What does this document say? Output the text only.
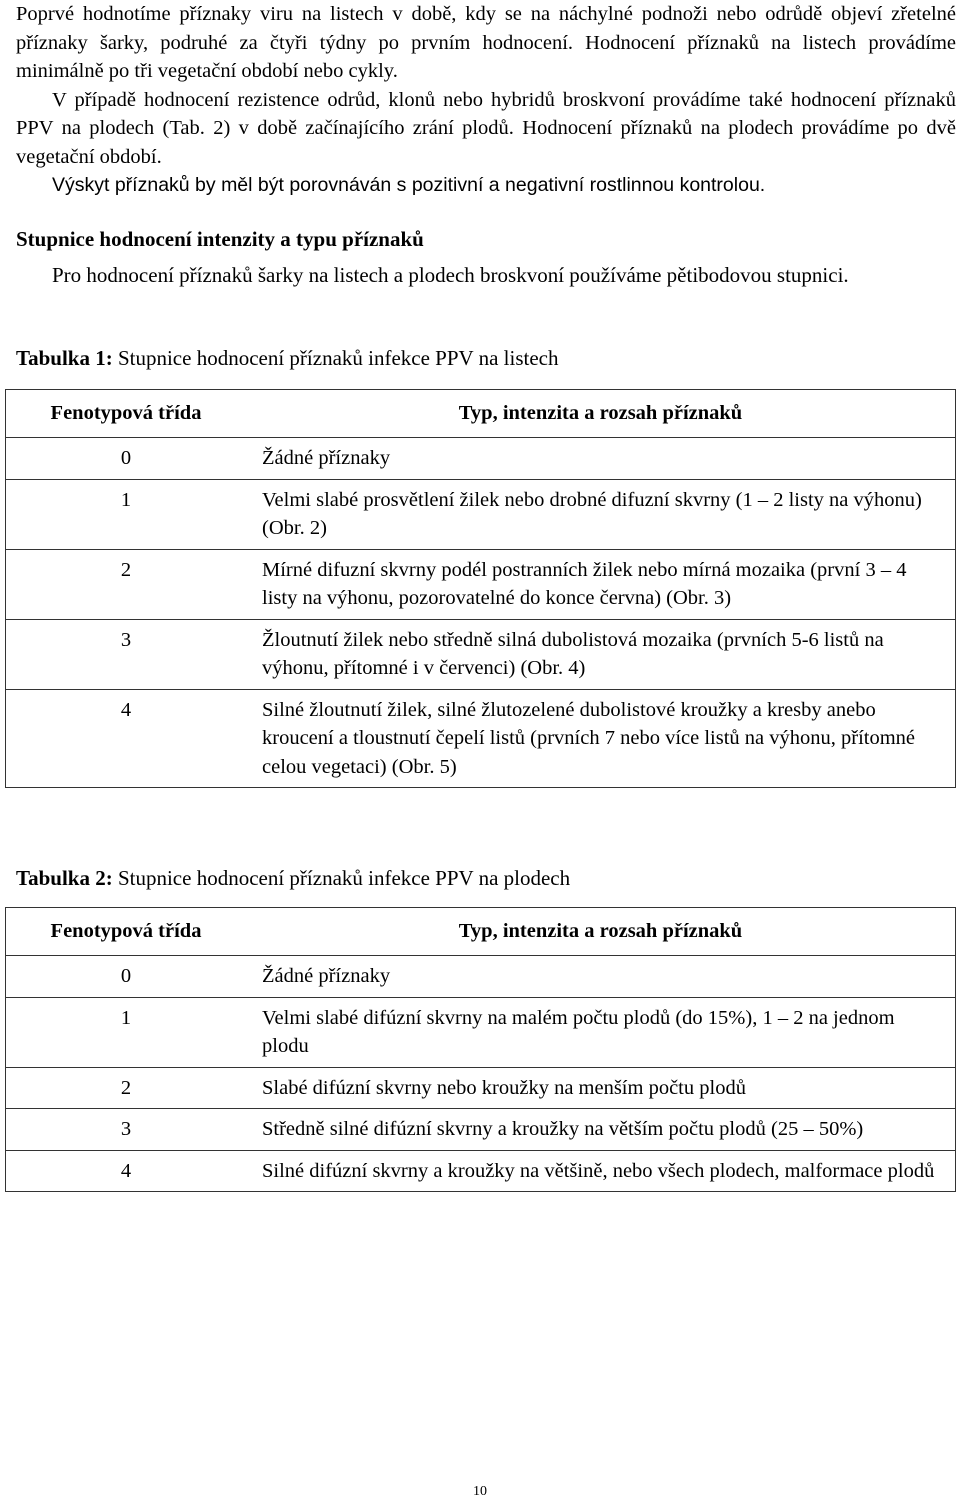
Poprvé hodnotíme příznaky viru na listech v době, kdy se na náchylné podnoži nebo odrůdě objeví zřetelné příznaky šarky, podruhé za čtyři týdny po prvním hodnocení. Hodnocení příznaků na listech provádíme minimálně po tři vegetační období nebo cykly.

V případě hodnocení rezistence odrůd, klonů nebo hybridů broskvoní provádíme také hodnocení příznaků PPV na plodech (Tab. 2) v době začínajícího zrání plodů. Hodnocení příznaků na plodech provádíme po dvě vegetační období.

Výskyt příznaků by měl být porovnáván s pozitivní a negativní rostlinnou kontrolou.

Stupnice hodnocení intenzity a typu příznaků

Pro hodnocení příznaků šarky na listech a plodech broskvoní používáme pětibodovou stupnici.

Tabulka 1: Stupnice hodnocení příznaků infekce PPV na listech
Fenotypová třída	Typ, intenzita a rozsah příznaků
0	Žádné příznaky
1	Velmi slabé prosvětlení žilek nebo drobné difuzní skvrny (1 – 2 listy na výhonu) (Obr. 2)
2	Mírné difuzní skvrny podél postranních žilek nebo mírná mozaika (první 3 – 4 listy na výhonu, pozorovatelné do konce června) (Obr. 3)
3	Žloutnutí žilek nebo středně silná dubolistová mozaika (prvních 5-6 listů na výhonu, přítomné i v červenci) (Obr. 4)
4	Silné žloutnutí žilek, silné žlutozelené dubolistové kroužky a kresby anebo kroucení a tloustnutí čepelí listů (prvních 7 nebo více listů na výhonu, přítomné celou vegetaci) (Obr. 5)
Tabulka 2: Stupnice hodnocení příznaků infekce PPV na plodech
Fenotypová třída	Typ, intenzita a rozsah příznaků
0	Žádné příznaky
1	Velmi slabé difúzní skvrny na malém počtu plodů (do 15%), 1 – 2 na jednom plodu
2	Slabé difúzní skvrny nebo kroužky na menším počtu plodů
3	Středně silné difúzní skvrny a kroužky na větším počtu plodů (25 – 50%)
4	Silné difúzní skvrny a kroužky na většině, nebo všech plodech, malformace plodů
10
